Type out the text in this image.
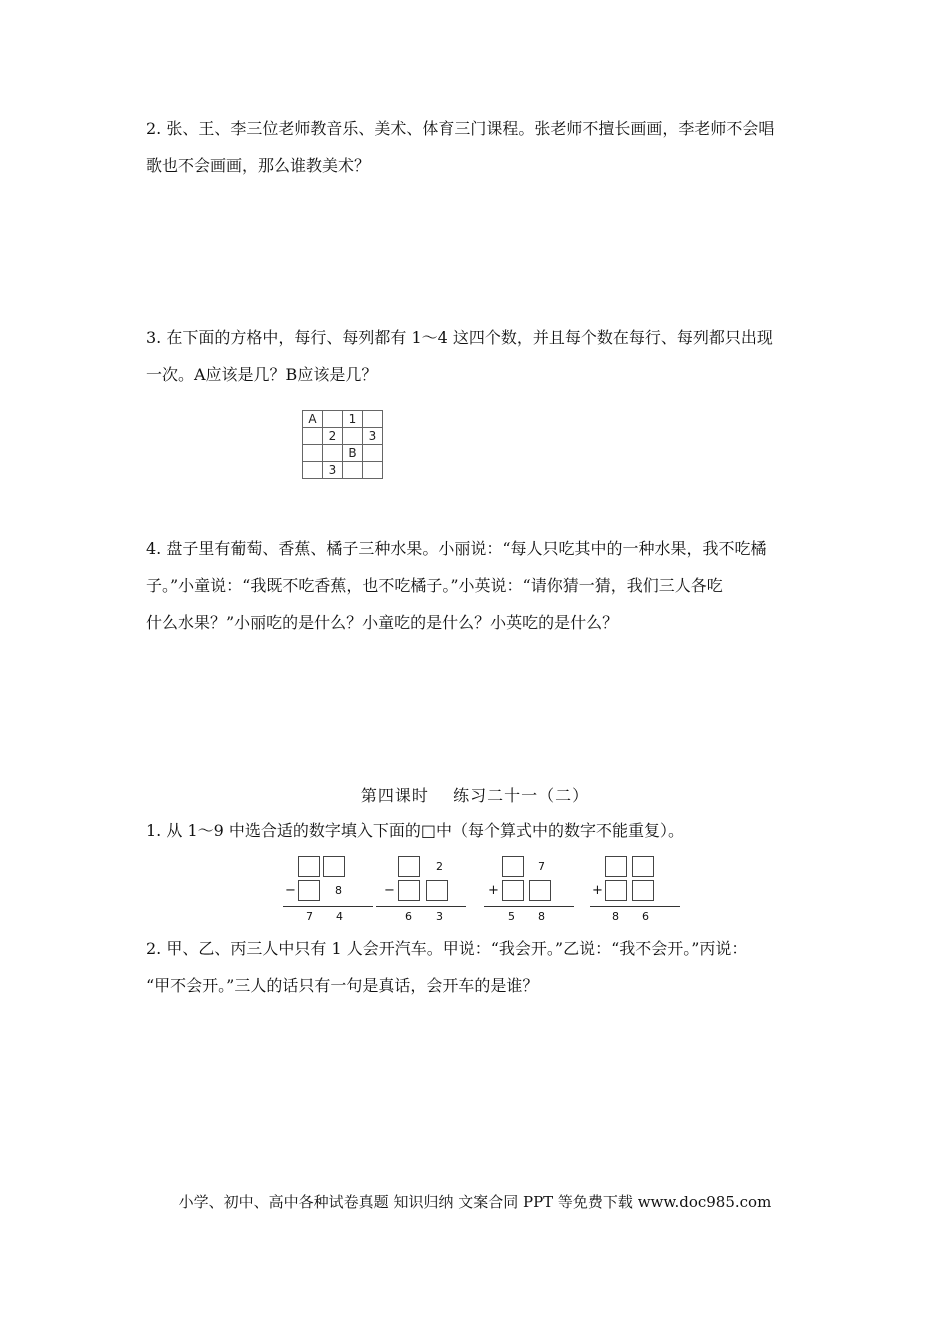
2. 张、王、李三位老师教音乐、美术、体育三门课程。张老师不擅长画画，李老师不会唱

歌也不会画画，那么谁教美术？

3. 在下面的方格中，每行、每列都有 1～4 这四个数，并且每个数在每行、每列都只出现

一次。A应该是几？B应该是几？

A		1	
	2		3
		B	
	3		

4. 盘子里有葡萄、香蕉、橘子三种水果。小丽说：“每人只吃其中的一种水果，我不吃橘

子。”小童说：“我既不吃香蕉，也不吃橘子。”小英说：“请你猜一猜，我们三人各吃

什么水果？”小丽吃的是什么？小童吃的是什么？小英吃的是什么？

第四课时    练习二十一（二）

1. 从 1～9 中选合适的数字填入下面的□中（每个算式中的数字不能重复）。

−	8
7 4
2
−
6 3
7
+
5 8
+
8 6

2. 甲、乙、丙三人中只有 1 人会开汽车。甲说：“我会开。”乙说：“我不会开。”丙说：

“甲不会开。”三人的话只有一句是真话，会开车的是谁？

小学、初中、高中各种试卷真题 知识归纳 文案合同 PPT 等免费下载 www.doc985.com
